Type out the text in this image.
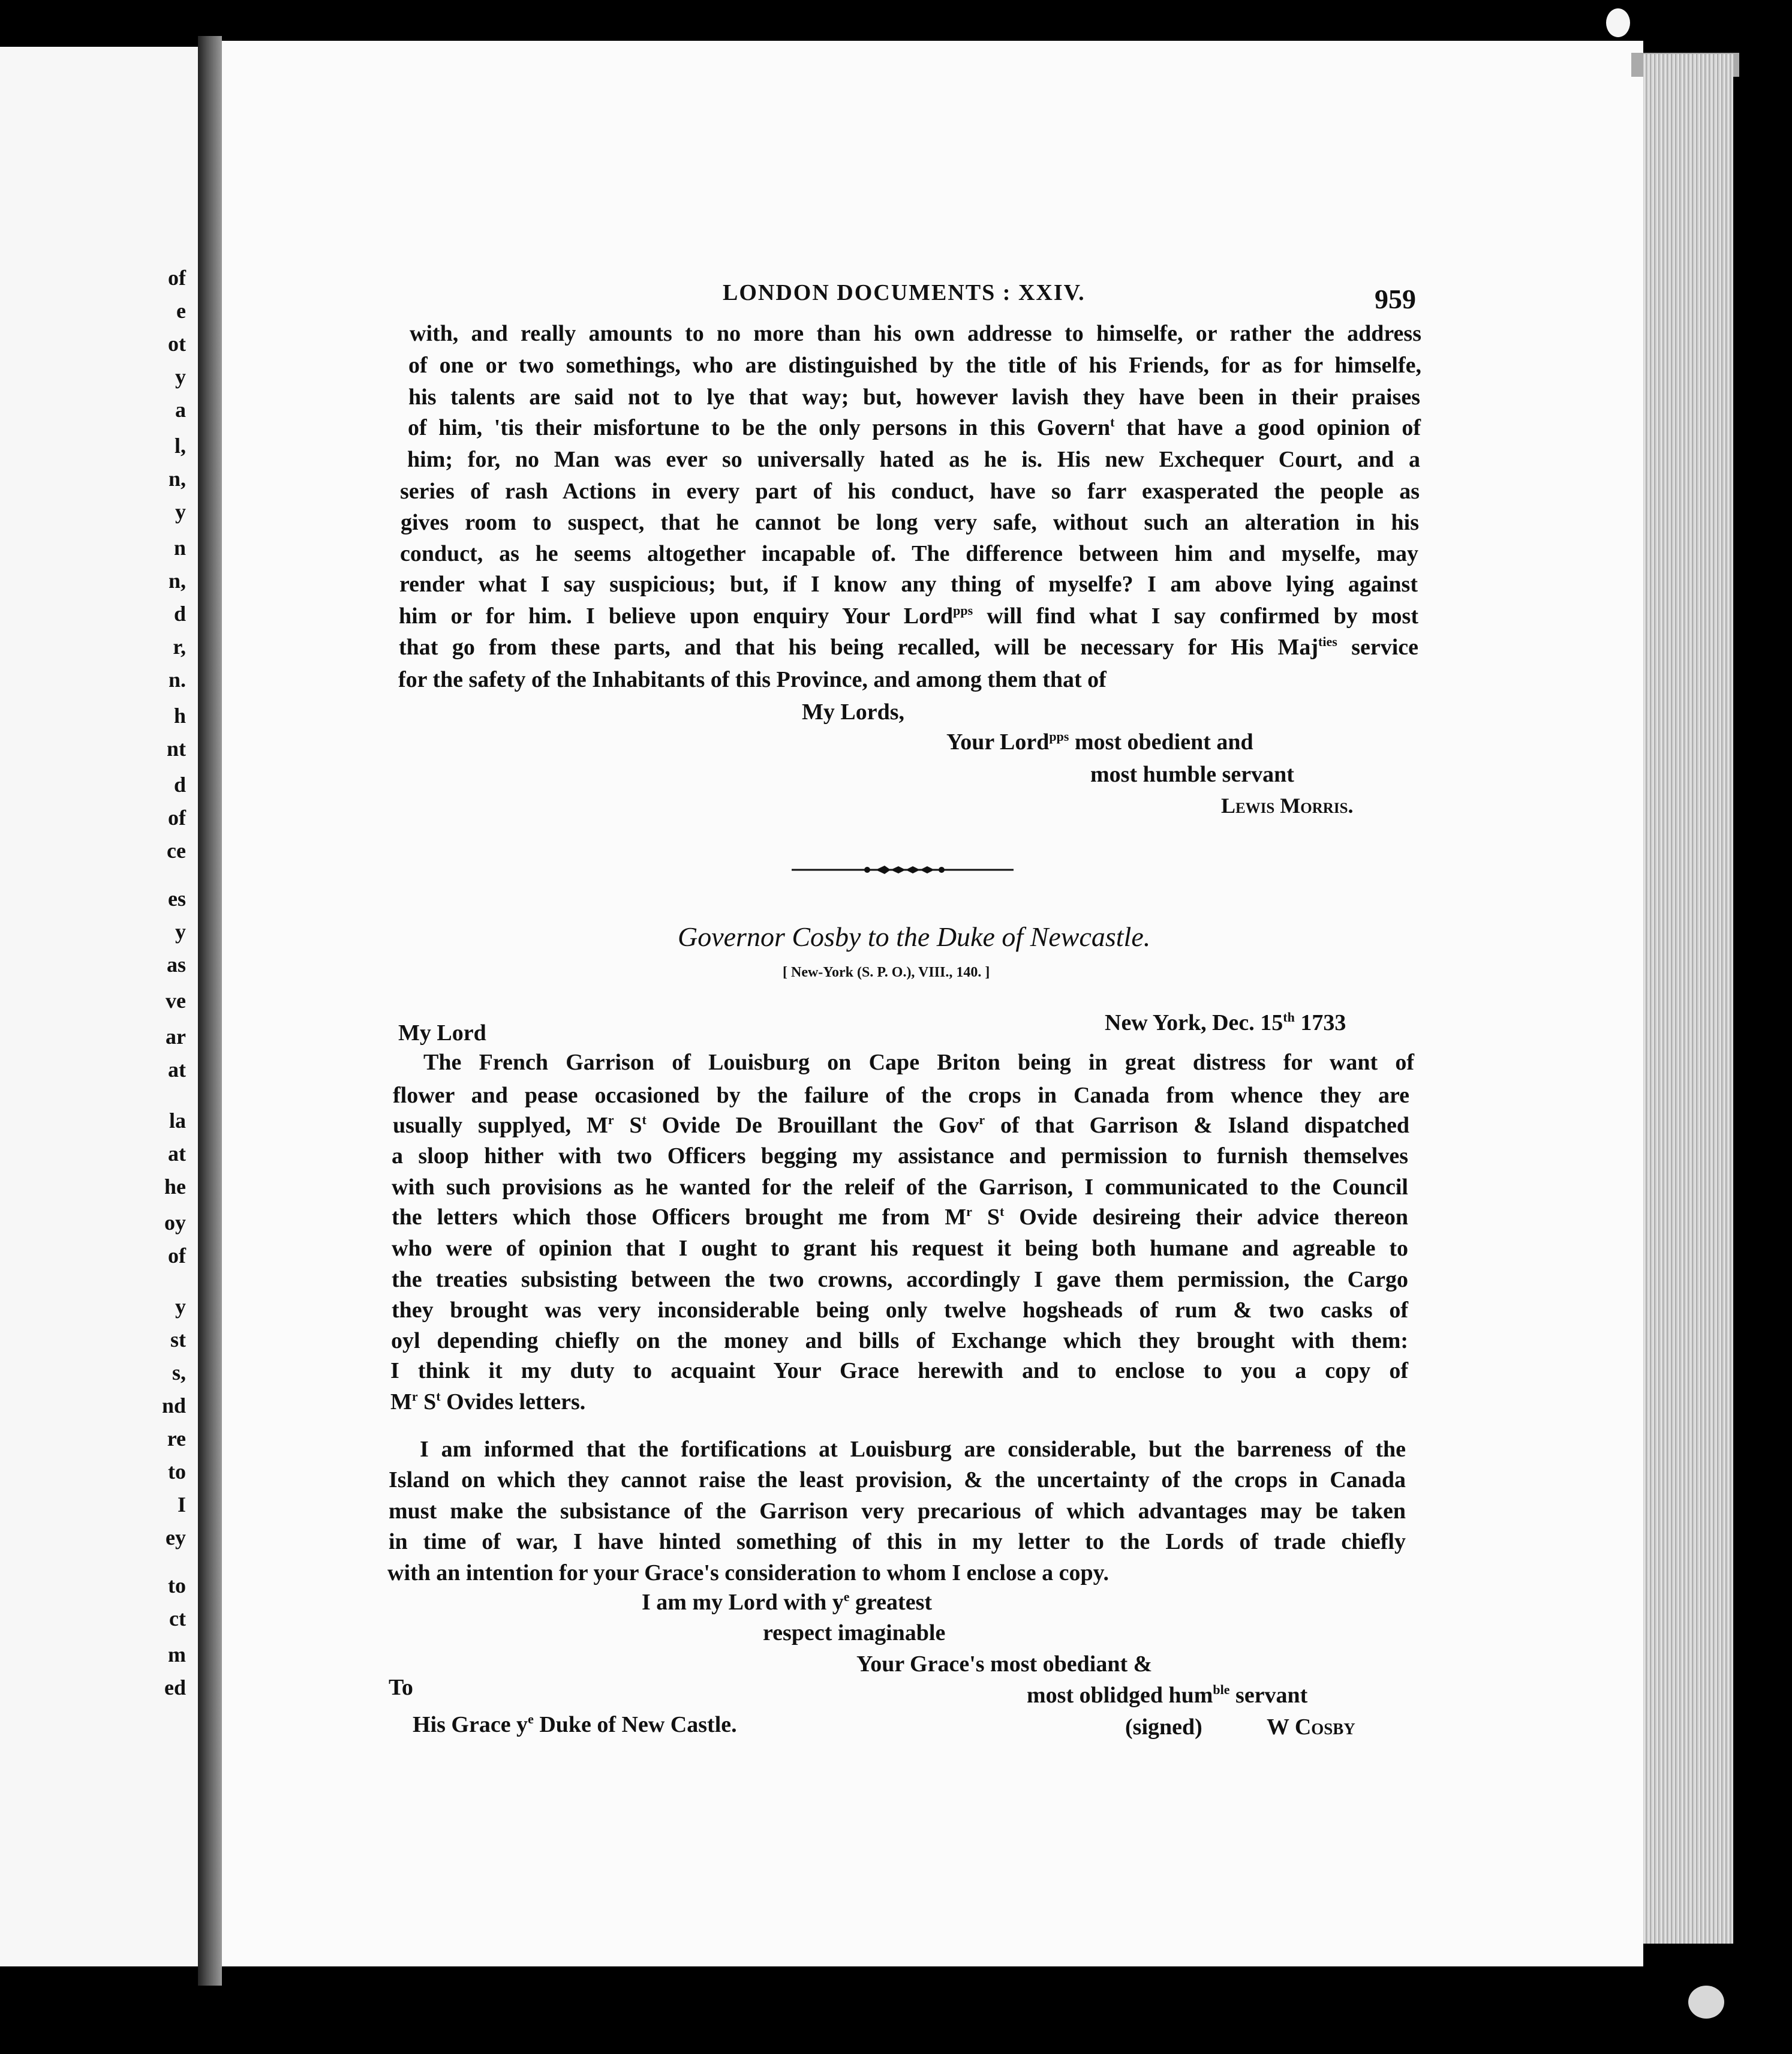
of
e
ot
y
a
l,
n,
y
n
n,
d
r,
n.
h
nt
d
of
ce
es
y
as
ve
ar
at
la
at
he
oy
of
y
st
s,
nd
re
to
I
ey
to
ct
m
ed
LONDON DOCUMENTS : XXIV.	959
with, and really amounts to no more than his own addresse to himselfe, or rather the address
of one or two somethings, who are distinguished by the title of his Friends, for as for himselfe,
his talents are said not to lye that way; but, however lavish they have been in their praises
of him, 'tis their misfortune to be the only persons in this Govern$^t$ that have a good opinion of
him; for, no Man was ever so universally hated as he is. His new Exchequer Court, and a
series of rash Actions in every part of his conduct, have so farr exasperated the people as
gives room to suspect, that he cannot be long very safe, without such an alteration in his
conduct, as he seems altogether incapable of. The difference between him and myselfe, may
render what I say suspicious; but, if I know any thing of myselfe? I am above lying against
him or for him. I believe upon enquiry Your Lord$^{pps}$ will find what I say confirmed by most
that go from these parts, and that his being recalled, will be necessary for His Maj$^{ties}$ service
for the safety of the Inhabitants of this Province, and among them that of
My Lords,
Your Lord$^{pps}$ most obedient and
most humble servant
Lewis Morris.
Governor Cosby to the Duke of Newcastle.
[ New-York (S. P. O.), VIII., 140. ]
My Lord	New York, Dec. 15th 1733
The French Garrison of Louisburg on Cape Briton being in great distress for want of
flower and pease occasioned by the failure of the crops in Canada from whence they are
usually supplyed, $M^r$ $S^t$ Ovide De Brouillant the Gov$^r$ of that Garrison & Island dispatched
a sloop hither with two Officers begging my assistance and permission to furnish themselves
with such provisions as he wanted for the releif of the Garrison, I communicated to the Council
the letters which those Officers brought me from $M^r$ $S^t$ Ovide desireing their advice thereon
who were of opinion that I ought to grant his request it being both humane and agreable to
the treaties subsisting between the two crowns, accordingly I gave them permission, the Cargo
they brought was very inconsiderable being only twelve hogsheads of rum & two casks of
oyl depending chiefly on the money and bills of Exchange which they brought with them:
I think it my duty to acquaint Your Grace herewith and to enclose to you a copy of
$M^r$ $S^t$ Ovides letters.
I am informed that the fortifications at Louisburg are considerable, but the barreness of the
Island on which they cannot raise the least provision, & the uncertainty of the crops in Canada
must make the subsistance of the Garrison very precarious of which advantages may be taken
in time of war, I have hinted something of this in my letter to the Lords of trade chiefly
with an intention for your Grace's consideration to whom I enclose a copy.
I am my Lord with $y^e$ greatest
respect imaginable
Your Grace's most obediant &
To	most oblidged hum$^{ble}$ servant
His Grace $y^e$ Duke of New Castle.	(signed)	W Cosby
